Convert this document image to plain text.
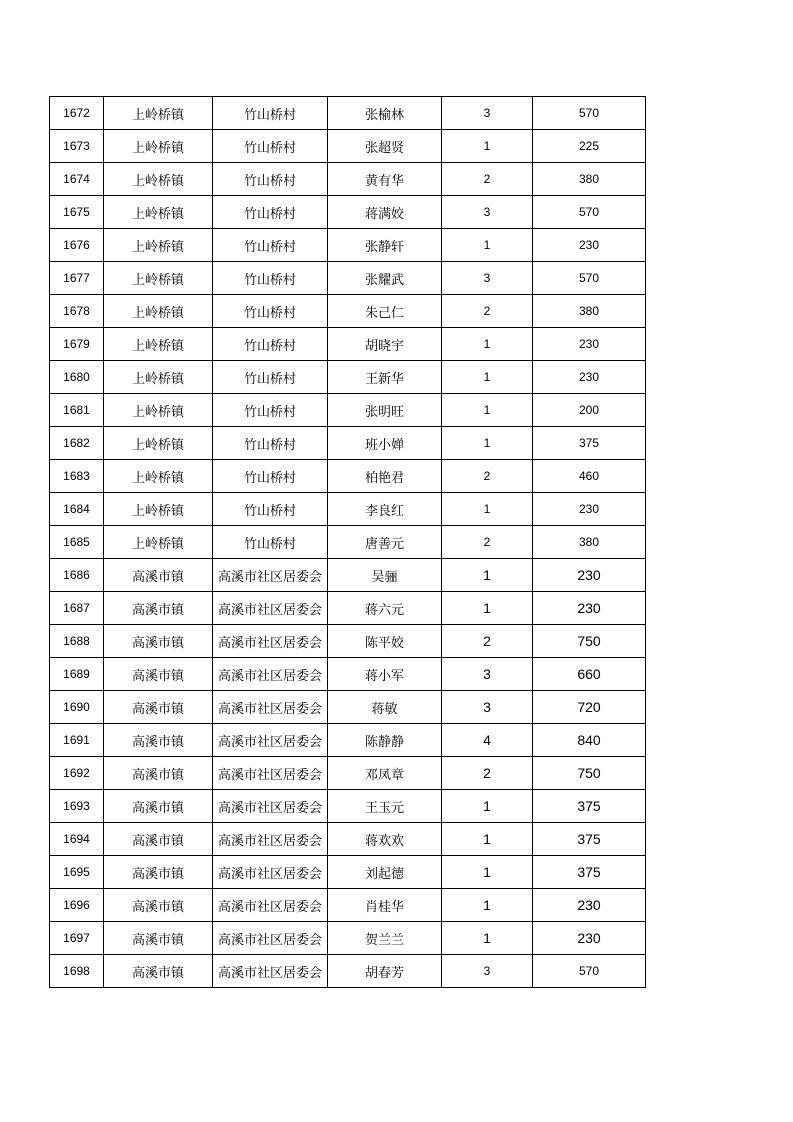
1672	上岭桥镇	竹山桥村	张榆林	3	570
1673	上岭桥镇	竹山桥村	张超贤	1	225
1674	上岭桥镇	竹山桥村	黄有华	2	380
1675	上岭桥镇	竹山桥村	蒋满姣	3	570
1676	上岭桥镇	竹山桥村	张静轩	1	230
1677	上岭桥镇	竹山桥村	张耀武	3	570
1678	上岭桥镇	竹山桥村	朱己仁	2	380
1679	上岭桥镇	竹山桥村	胡晓宇	1	230
1680	上岭桥镇	竹山桥村	王新华	1	230
1681	上岭桥镇	竹山桥村	张明旺	1	200
1682	上岭桥镇	竹山桥村	班小婵	1	375
1683	上岭桥镇	竹山桥村	柏艳君	2	460
1684	上岭桥镇	竹山桥村	李良红	1	230
1685	上岭桥镇	竹山桥村	唐善元	2	380
1686	高溪市镇	高溪市社区居委会	吴骊	1	230
1687	高溪市镇	高溪市社区居委会	蒋六元	1	230
1688	高溪市镇	高溪市社区居委会	陈平姣	2	750
1689	高溪市镇	高溪市社区居委会	蒋小军	3	660
1690	高溪市镇	高溪市社区居委会	蒋敏	3	720
1691	高溪市镇	高溪市社区居委会	陈静静	4	840
1692	高溪市镇	高溪市社区居委会	邓凤章	2	750
1693	高溪市镇	高溪市社区居委会	王玉元	1	375
1694	高溪市镇	高溪市社区居委会	蒋欢欢	1	375
1695	高溪市镇	高溪市社区居委会	刘起德	1	375
1696	高溪市镇	高溪市社区居委会	肖桂华	1	230
1697	高溪市镇	高溪市社区居委会	贺兰兰	1	230
1698	高溪市镇	高溪市社区居委会	胡春芳	3	570
